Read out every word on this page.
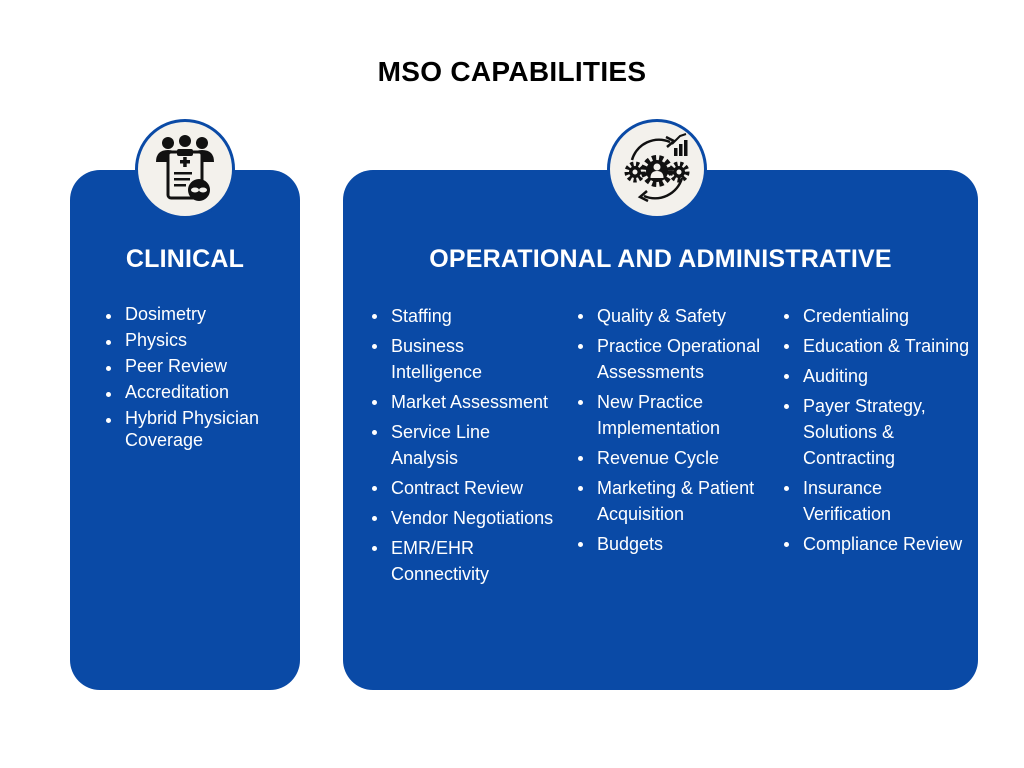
MSO CAPABILITIES
CLINICAL	OPERATIONAL AND ADMINISTRATIVE
Dosimetry
Physics
Peer Review
Accreditation
Hybrid Physician Coverage
Staffing
Business Intelligence
Market Assessment
Service Line Analysis
Contract Review
Vendor Negotiations
EMR/EHR Connectivity
Quality & Safety
Practice Operational Assessments
New Practice Implementation
Revenue Cycle
Marketing & Patient Acquisition
Budgets
Credentialing
Education & Training
Auditing
Payer Strategy, Solutions & Contracting
Insurance Verification
Compliance Review
